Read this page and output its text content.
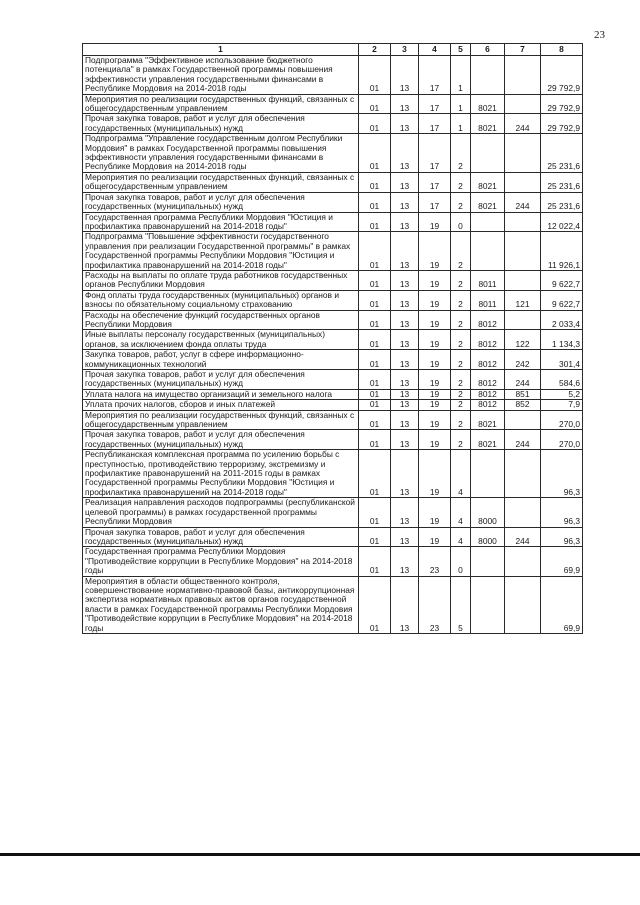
23
1	2	3	4	5	6	7	8
Подпрограмма "Эффективное использование бюджетного потенциала" в рамках Государственной программы повышения эффективности управления государственными финансами в Республике Мордовия на 2014-2018 годы	01	13	17	1			29 792,9
Мероприятия по реализации государственных функций, связанных с общегосударственным управлением	01	13	17	1	8021		29 792,9
Прочая закупка товаров, работ и услуг для обеспечения государственных (муниципальных) нужд	01	13	17	1	8021	244	29 792,9
Подпрограмма "Управление государственным долгом Республики Мордовия" в рамках Государственной программы повышения эффективности управления государственными финансами в Республике Мордовия на 2014-2018 годы	01	13	17	2			25 231,6
Мероприятия по реализации государственных функций, связанных с общегосударственным управлением	01	13	17	2	8021		25 231,6
Прочая закупка товаров, работ и услуг для обеспечения государственных (муниципальных) нужд	01	13	17	2	8021	244	25 231,6
Государственная программа Республики Мордовия "Юстиция и профилактика правонарушений на 2014-2018 годы"	01	13	19	0			12 022,4
Подпрограмма "Повышение эффективности государственного управления при реализации Государственной программы" в рамках Государственной программы Республики Мордовия "Юстиция и профилактика правонарушений на 2014-2018 годы"	01	13	19	2			11 926,1
Расходы на выплаты по оплате труда работников государственных органов Республики Мордовия	01	13	19	2	8011		9 622,7
Фонд оплаты труда государственных (муниципальных) органов и взносы по обязательному социальному страхованию	01	13	19	2	8011	121	9 622,7
Расходы на обеспечение функций государственных органов Республики Мордовия	01	13	19	2	8012		2 033,4
Иные выплаты персоналу государственных (муниципальных) органов, за исключением фонда оплаты труда	01	13	19	2	8012	122	1 134,3
Закупка товаров, работ, услуг в сфере информационно-коммуникационных технологий	01	13	19	2	8012	242	301,4
Прочая закупка товаров, работ и услуг для обеспечения государственных (муниципальных) нужд	01	13	19	2	8012	244	584,6
Уплата налога на имущество организаций и земельного налога	01	13	19	2	8012	851	5,2
Уплата прочих налогов, сборов и иных платежей	01	13	19	2	8012	852	7,9
Мероприятия по реализации государственных функций, связанных с общегосударственным управлением	01	13	19	2	8021		270,0
Прочая закупка товаров, работ и услуг для обеспечения государственных (муниципальных) нужд	01	13	19	2	8021	244	270,0
Республиканская комплексная программа по усилению борьбы с преступностью, противодействию терроризму, экстремизму и профилактике правонарушений на 2011-2015 годы в рамках Государственной программы Республики Мордовия "Юстиция и профилактика правонарушений на 2014-2018 годы"	01	13	19	4			96,3
Реализация направления расходов подпрограммы (республиканской целевой программы) в рамках государственной программы Республики Мордовия	01	13	19	4	8000		96,3
Прочая закупка товаров, работ и услуг для обеспечения государственных (муниципальных) нужд	01	13	19	4	8000	244	96,3
Государственная программа Республики Мордовия "Противодействие коррупции в Республике Мордовия" на 2014-2018 годы	01	13	23	0			69,9
Мероприятия в области общественного контроля, совершенствование нормативно-правовой базы, антикоррупционная экспертиза нормативных правовых актов органов государственной власти в рамках Государственной программы Республики Мордовия "Противодействие коррупции в Республике Мордовия" на 2014-2018 годы	01	13	23	5			69,9
